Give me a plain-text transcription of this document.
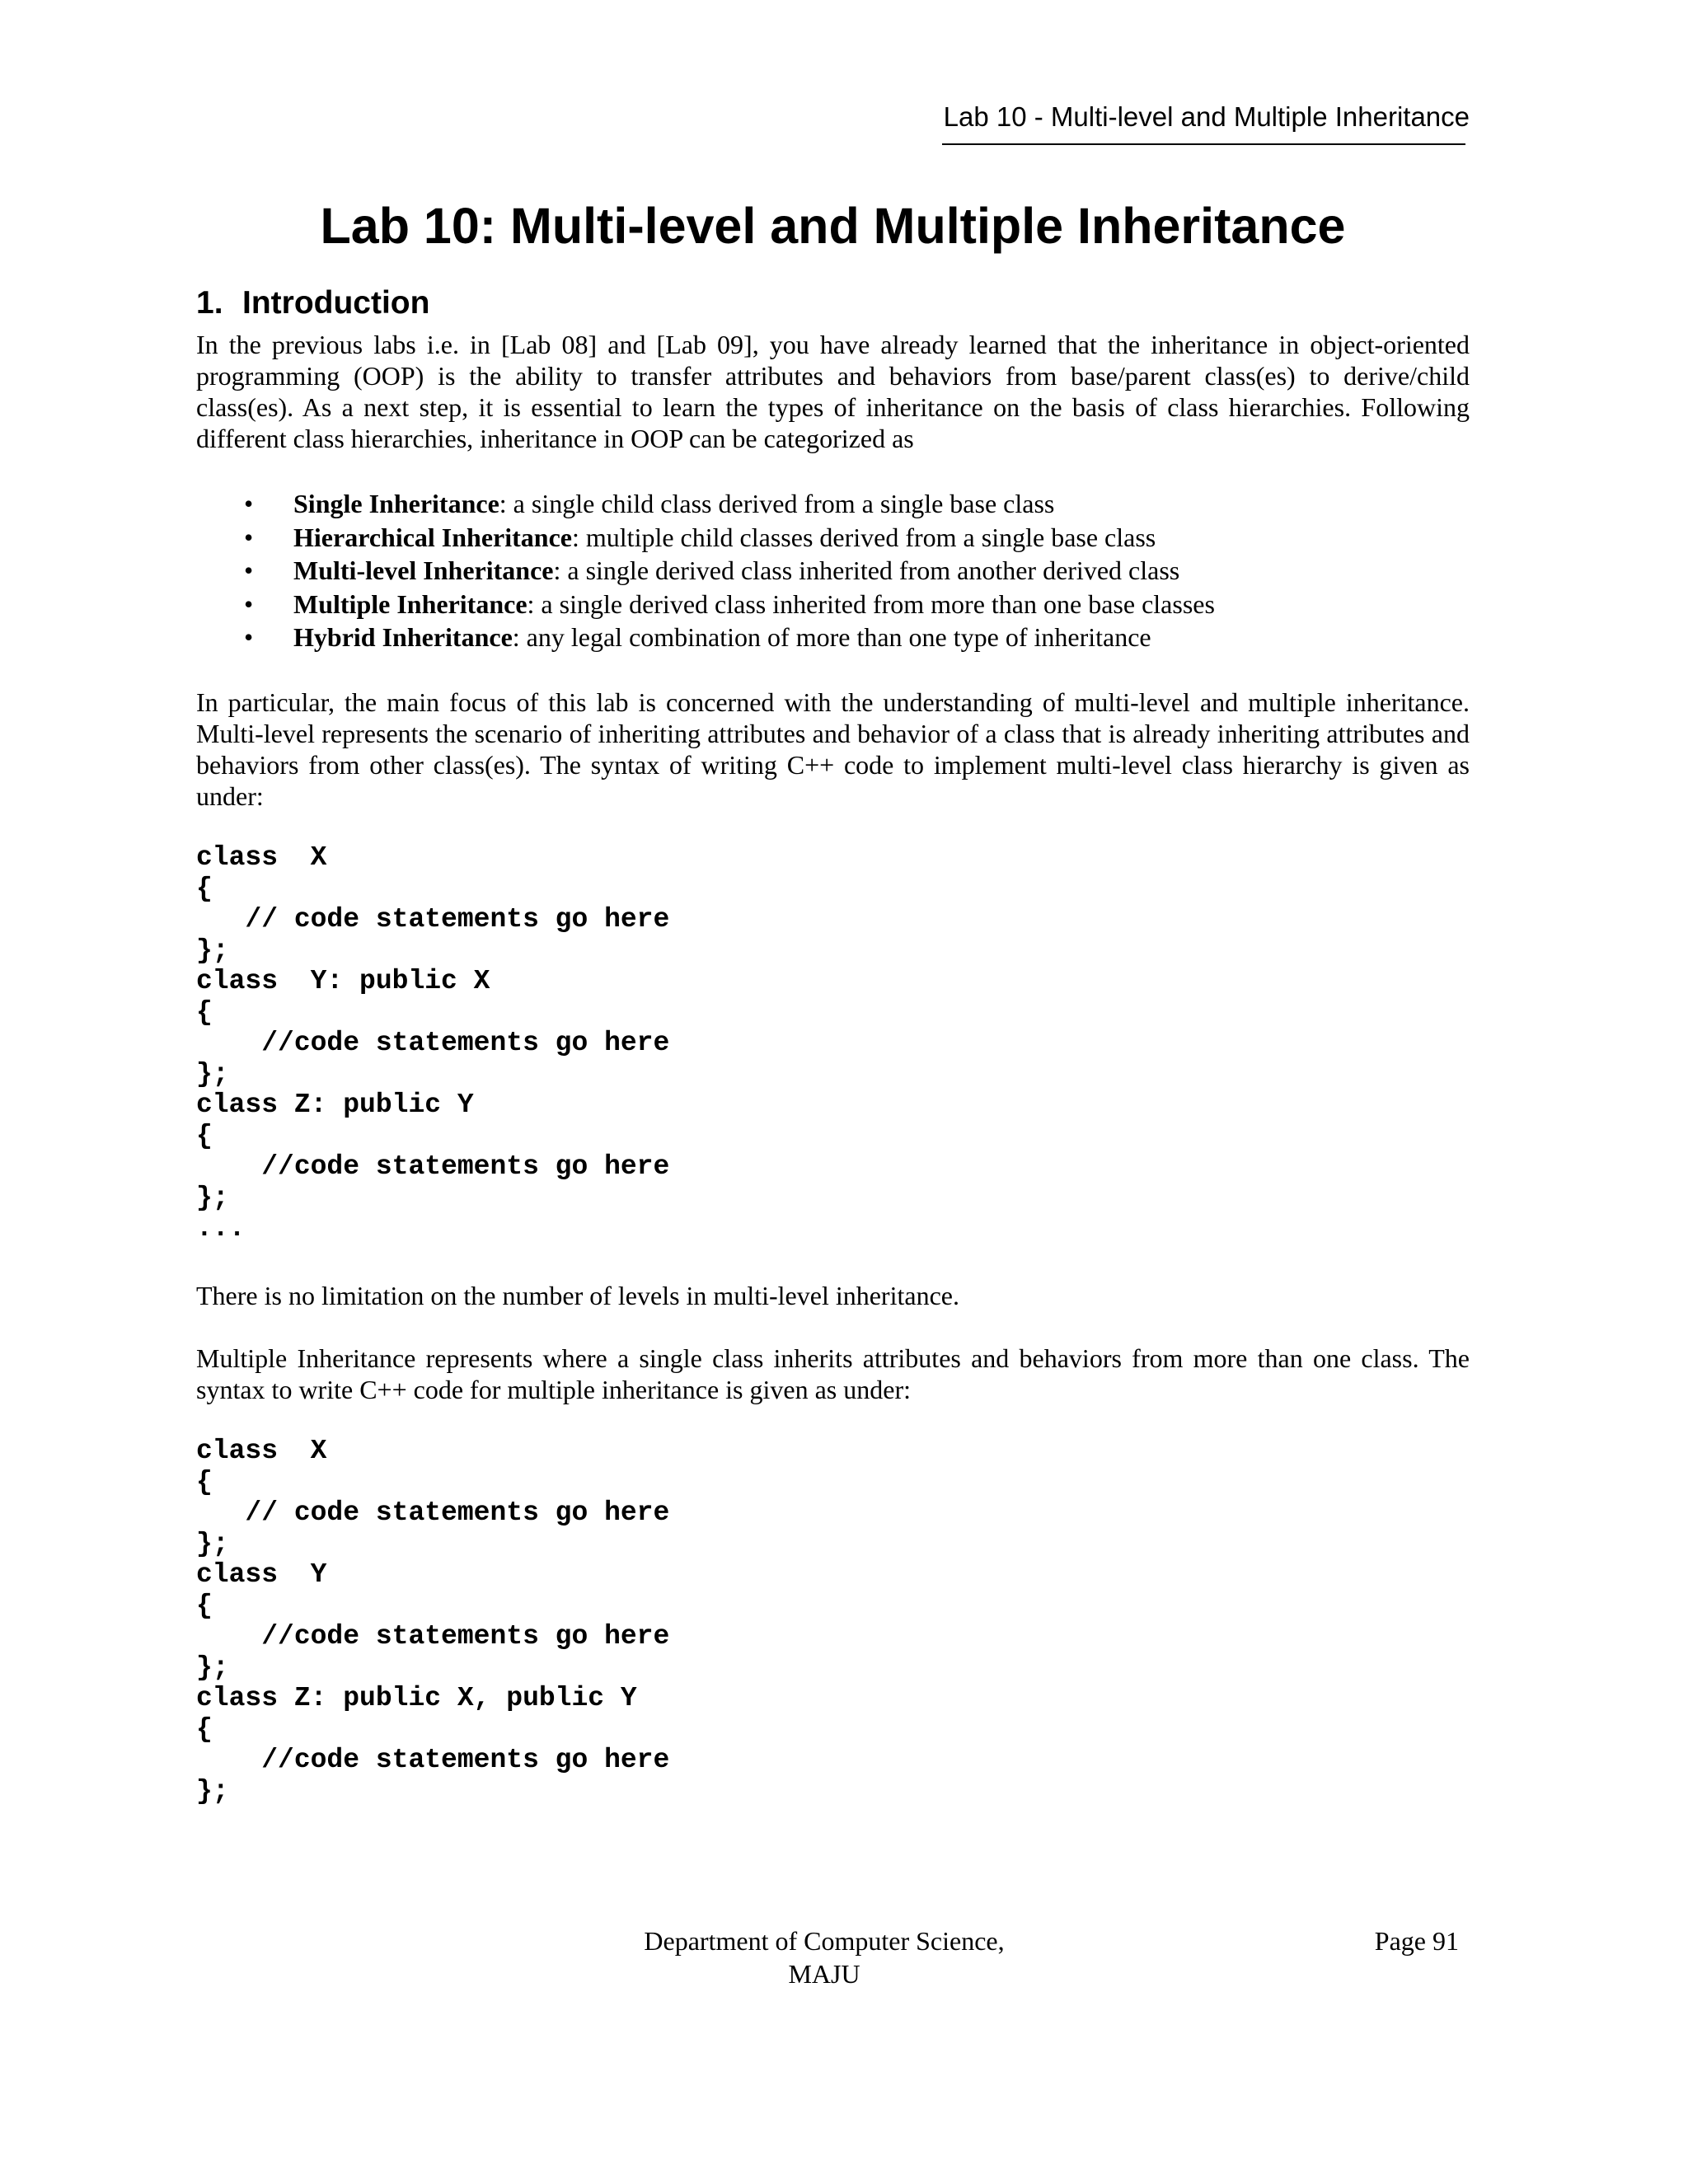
Lab 10 - Multi-level and Multiple Inheritance
Lab 10: Multi-level and Multiple Inheritance
1. Introduction

In the previous labs i.e. in [Lab 08] and [Lab 09], you have already learned that the inheritance in object-oriented programming (OOP) is the ability to transfer attributes and behaviors from base/parent class(es) to derive/child class(es). As a next step, it is essential to learn the types of inheritance on the basis of class hierarchies. Following different class hierarchies, inheritance in OOP can be categorized as

• Single Inheritance: a single child class derived from a single base class
• Hierarchical Inheritance: multiple child classes derived from a single base class
• Multi-level Inheritance: a single derived class inherited from another derived class
• Multiple Inheritance: a single derived class inherited from more than one base classes
• Hybrid Inheritance: any legal combination of more than one type of inheritance

In particular, the main focus of this lab is concerned with the understanding of multi-level and multiple inheritance. Multi-level represents the scenario of inheriting attributes and behavior of a class that is already inheriting attributes and behaviors from other class(es). The syntax of writing C++ code to implement multi-level class hierarchy is given as under:

class  X
{
// code statements go here
};
class  Y: public X
{
//code statements go here
};
class Z: public Y
{
//code statements go here
};
...

There is no limitation on the number of levels in multi-level inheritance.

Multiple Inheritance represents where a single class inherits attributes and behaviors from more than one class. The syntax to write C++ code for multiple inheritance is given as under:

class  X
{
// code statements go here
};
class  Y
{
//code statements go here
};
class Z: public X, public Y
{
//code statements go here
};
Department of Computer Science,
MAJU
Page 91
